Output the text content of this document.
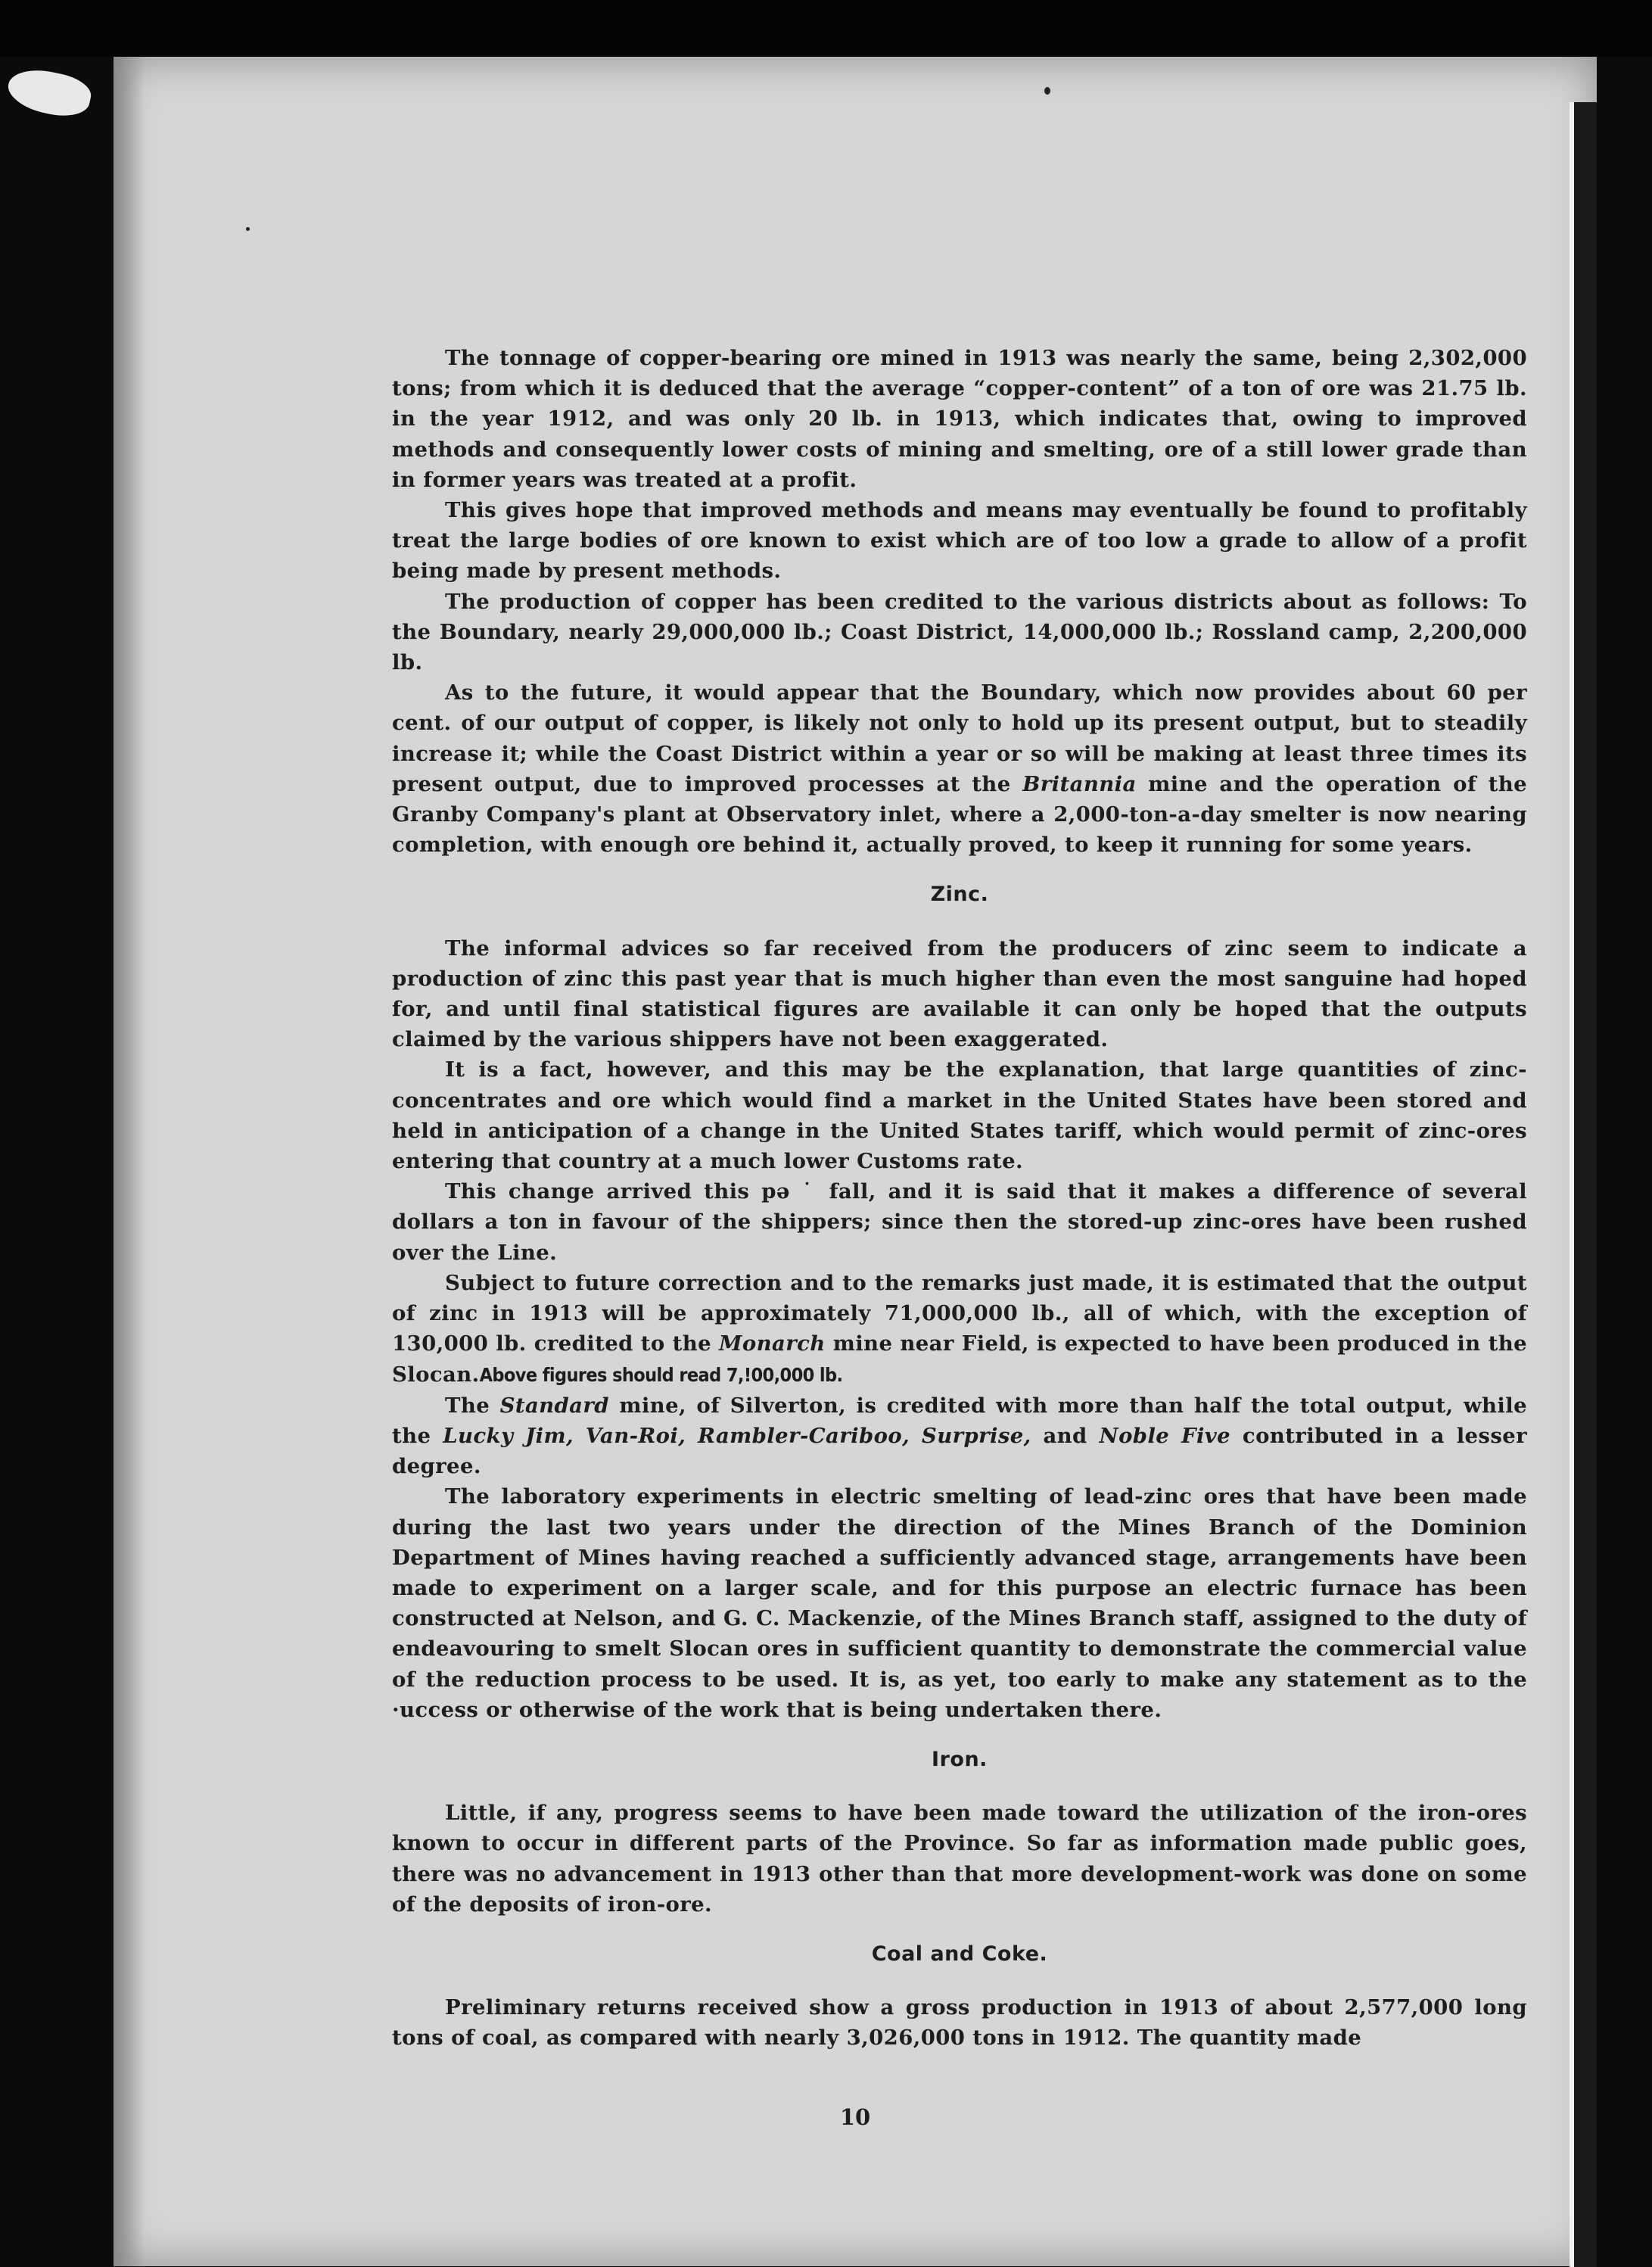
The tonnage of copper-bearing ore mined in 1913 was nearly the same, being 2,302,000 tons; from which it is deduced that the average “copper-content” of a ton of ore was 21.75 lb. in the year 1912, and was only 20 lb. in 1913, which indicates that, owing to improved methods and consequently lower costs of mining and smelting, ore of a still lower grade than in former years was treated at a profit.

This gives hope that improved methods and means may eventually be found to profitably treat the large bodies of ore known to exist which are of too low a grade to allow of a profit being made by present methods.

The production of copper has been credited to the various districts about as follows: To the Boundary, nearly 29,000,000 lb.; Coast District, 14,000,000 lb.; Rossland camp, 2,200,000 lb.

As to the future, it would appear that the Boundary, which now provides about 60 per cent. of our output of copper, is likely not only to hold up its present output, but to steadily increase it; while the Coast District within a year or so will be making at least three times its present output, due to improved processes at the Britannia mine and the operation of the Granby Company's plant at Observatory inlet, where a 2,000-ton-a-day smelter is now nearing completion, with enough ore behind it, actually proved, to keep it running for some years.

Zinc.

The informal advices so far received from the producers of zinc seem to indicate a production of zinc this past year that is much higher than even the most sanguine had hoped for, and until final statistical figures are available it can only be hoped that the outputs claimed by the various shippers have not been exaggerated.

It is a fact, however, and this may be the explanation, that large quantities of zinc-concentrates and ore which would find a market in the United States have been stored and held in anticipation of a change in the United States tariff, which would permit of zinc-ores entering that country at a much lower Customs rate.

This change arrived this pə ˙ fall, and it is said that it makes a difference of several dollars a ton in favour of the shippers; since then the stored-up zinc-ores have been rushed over the Line.

Subject to future correction and to the remarks just made, it is estimated that the output of zinc in 1913 will be approximately 71,000,000 lb., all of which, with the exception of 130,000 lb. credited to the Monarch mine near Field, is expected to have been produced in the Slocan.Above figures should read 7,!00,000 lb.

The Standard mine, of Silverton, is credited with more than half the total output, while the Lucky Jim, Van-Roi, Rambler-Cariboo, Surprise, and Noble Five contributed in a lesser degree.

The laboratory experiments in electric smelting of lead-zinc ores that have been made during the last two years under the direction of the Mines Branch of the Dominion Department of Mines having reached a sufficiently advanced stage, arrangements have been made to experiment on a larger scale, and for this purpose an electric furnace has been constructed at Nelson, and G. C. Mackenzie, of the Mines Branch staff, assigned to the duty of endeavouring to smelt Slocan ores in sufficient quantity to demonstrate the commercial value of the reduction process to be used. It is, as yet, too early to make any statement as to the ·uccess or otherwise of the work that is being undertaken there.

Iron.

Little, if any, progress seems to have been made toward the utilization of the iron-ores known to occur in different parts of the Province. So far as information made public goes, there was no advancement in 1913 other than that more development-work was done on some of the deposits of iron-ore.

Coal and Coke.

Preliminary returns received show a gross production in 1913 of about 2,577,000 long tons of coal, as compared with nearly 3,026,000 tons in 1912. The quantity made

10
